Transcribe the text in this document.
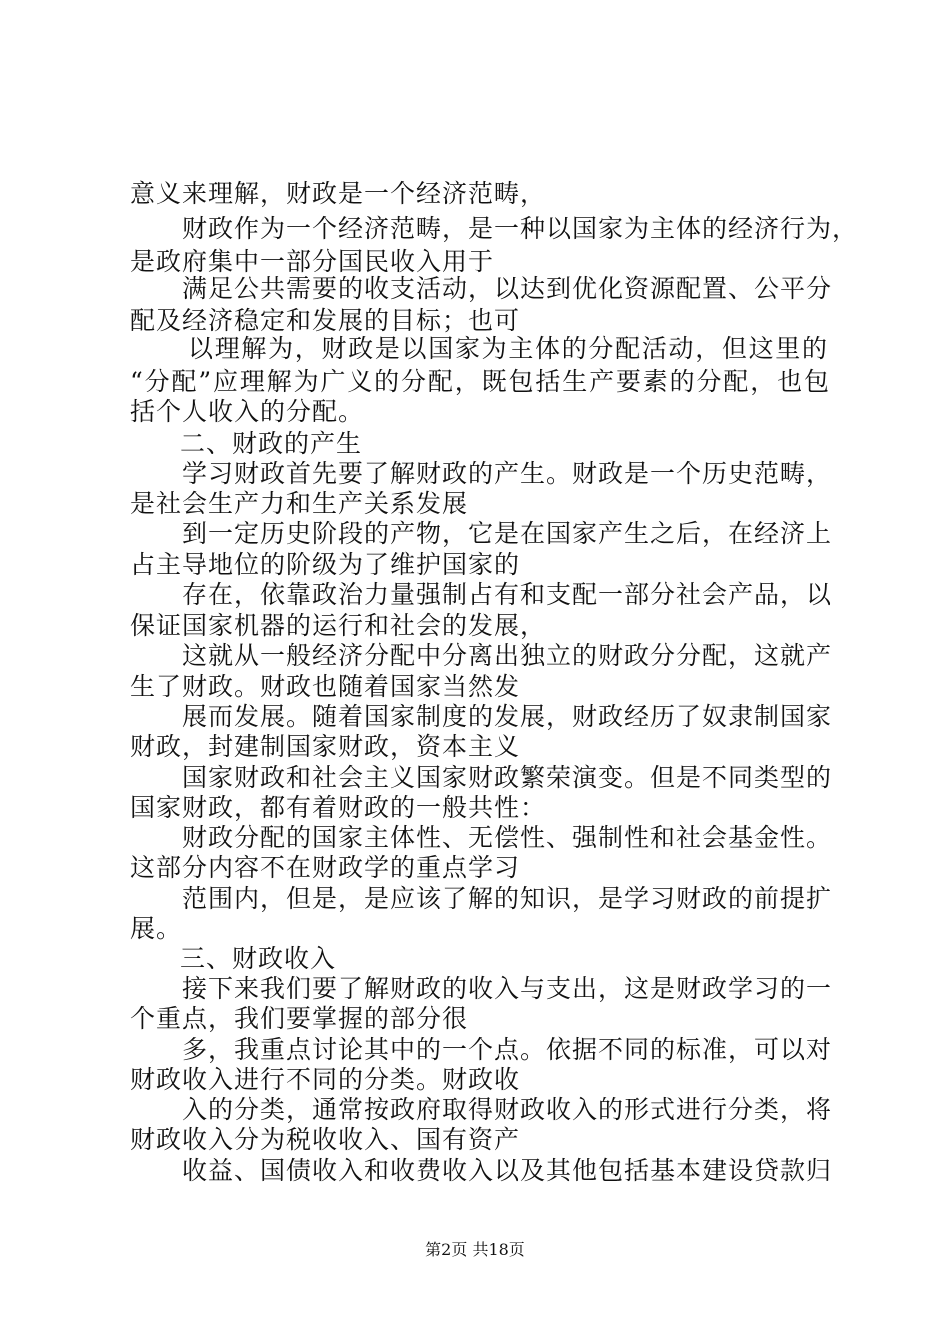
意义来理解，财政是一个经济范畴，
财政作为一个经济范畴，是一种以国家为主体的经济行为，
是政府集中一部分国民收入用于
满足公共需要的收支活动，以达到优化资源配置、公平分
配及经济稳定和发展的目标；也可
以理解为，财政是以国家为主体的分配活动，但这里的
“分配”应理解为广义的分配，既包括生产要素的分配，也包
括个人收入的分配。
二、财政的产生
学习财政首先要了解财政的产生。财政是一个历史范畴，
是社会生产力和生产关系发展
到一定历史阶段的产物，它是在国家产生之后，在经济上
占主导地位的阶级为了维护国家的
存在，依靠政治力量强制占有和支配一部分社会产品，以
保证国家机器的运行和社会的发展，
这就从一般经济分配中分离出独立的财政分分配，这就产
生了财政。财政也随着国家当然发
展而发展。随着国家制度的发展，财政经历了奴隶制国家
财政，封建制国家财政，资本主义
国家财政和社会主义国家财政繁荣演变。但是不同类型的
国家财政，都有着财政的一般共性：
财政分配的国家主体性、无偿性、强制性和社会基金性。
这部分内容不在财政学的重点学习
范围内，但是，是应该了解的知识，是学习财政的前提扩
展。
三、财政收入
接下来我们要了解财政的收入与支出，这是财政学习的一
个重点，我们要掌握的部分很
多，我重点讨论其中的一个点。依据不同的标准，可以对
财政收入进行不同的分类。财政收
入的分类，通常按政府取得财政收入的形式进行分类，将
财政收入分为税收收入、国有资产
收益、国债收入和收费收入以及其他包括基本建设贷款归
第2页 共18页
